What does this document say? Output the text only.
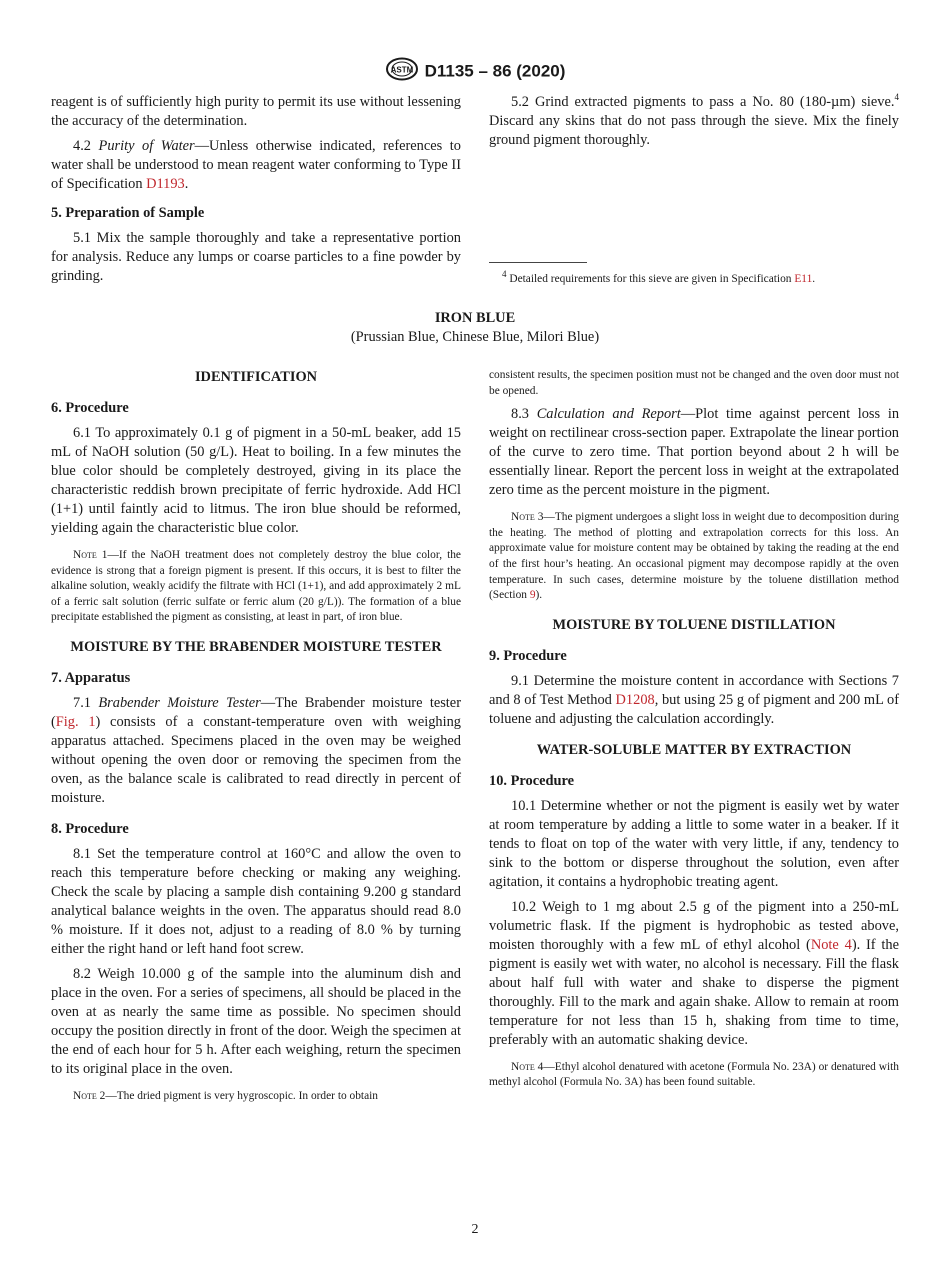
ASTM D1135 – 86 (2020)

reagent is of sufficiently high purity to permit its use without lessening the accuracy of the determination.

4.2 Purity of Water—Unless otherwise indicated, references to water shall be understood to mean reagent water conforming to Type II of Specification D1193.

5. Preparation of Sample

5.1 Mix the sample thoroughly and take a representative portion for analysis. Reduce any lumps or coarse particles to a fine powder by grinding.

5.2 Grind extracted pigments to pass a No. 80 (180-µm) sieve.$^4$ Discard any skins that do not pass through the sieve. Mix the finely ground pigment thoroughly.

$^4$ Detailed requirements for this sieve are given in Specification E11.

IRON BLUE

(Prussian Blue, Chinese Blue, Milori Blue)

IDENTIFICATION

6. Procedure

6.1 To approximately 0.1 g of pigment in a 50-mL beaker, add 15 mL of NaOH solution (50 g/L). Heat to boiling. In a few minutes the blue color should be completely destroyed, giving in its place the characteristic reddish brown precipitate of ferric hydroxide. Add HCl (1+1) until faintly acid to litmus. The iron blue should be reformed, yielding again the characteristic blue color.

Note 1—If the NaOH treatment does not completely destroy the blue color, the evidence is strong that a foreign pigment is present. If this occurs, it is best to filter the alkaline solution, weakly acidify the filtrate with HCl (1+1), and add approximately 2 mL of a ferric salt solution (ferric sulfate or ferric alum (20 g/L)). The formation of a blue precipitate established the pigment as consisting, at least in part, of iron blue.

MOISTURE BY THE BRABENDER MOISTURE TESTER

7. Apparatus

7.1 Brabender Moisture Tester—The Brabender moisture tester (Fig. 1) consists of a constant-temperature oven with weighing apparatus attached. Specimens placed in the oven may be weighed without opening the oven door or removing the specimen from the oven, as the balance scale is calibrated to read directly in percent of moisture.

8. Procedure

8.1 Set the temperature control at 160°C and allow the oven to reach this temperature before checking or making any weighing. Check the scale by placing a sample dish containing 9.200 g standard analytical balance weights in the oven. The apparatus should read 8.0 % moisture. If it does not, adjust to a reading of 8.0 % by turning either the right hand or left hand foot screw.

8.2 Weigh 10.000 g of the sample into the aluminum dish and place in the oven. For a series of specimens, all should be placed in the oven at as nearly the same time as possible. No specimen should occupy the position directly in front of the door. Weigh the specimen at the end of each hour for 5 h. After each weighing, return the specimen to its original place in the oven.

Note 2—The dried pigment is very hygroscopic. In order to obtain

consistent results, the specimen position must not be changed and the oven door must not be opened.

8.3 Calculation and Report—Plot time against percent loss in weight on rectilinear cross-section paper. Extrapolate the linear portion of the curve to zero time. That portion beyond about 2 h will be essentially linear. Report the percent loss in weight at the extrapolated zero time as the percent moisture in the pigment.

Note 3—The pigment undergoes a slight loss in weight due to decomposition during the heating. The method of plotting and extrapolation corrects for this loss. An approximate value for moisture content may be obtained by taking the reading at the end of the first hour’s heating. An occasional pigment may decompose rapidly at the oven temperature. In such cases, determine moisture by the toluene distillation method (Section 9).

MOISTURE BY TOLUENE DISTILLATION

9. Procedure

9.1 Determine the moisture content in accordance with Sections 7 and 8 of Test Method D1208, but using 25 g of pigment and 200 mL of toluene and adjusting the calculation accordingly.

WATER-SOLUBLE MATTER BY EXTRACTION

10. Procedure

10.1 Determine whether or not the pigment is easily wet by water at room temperature by adding a little to some water in a beaker. If it tends to float on top of the water with very little, if any, tendency to sink to the bottom or disperse throughout the solution, even after agitation, it contains a hydrophobic treating agent.

10.2 Weigh to 1 mg about 2.5 g of the pigment into a 250-mL volumetric flask. If the pigment is hydrophobic as tested above, moisten thoroughly with a few mL of ethyl alcohol (Note 4). If the pigment is easily wet with water, no alcohol is necessary. Fill the flask about half full with water and shake to disperse the pigment thoroughly. Fill to the mark and again shake. Allow to remain at room temperature for not less than 15 h, shaking from time to time, preferably with an automatic shaking device.

Note 4—Ethyl alcohol denatured with acetone (Formula No. 23A) or denatured with methyl alcohol (Formula No. 3A) has been found suitable.

2
